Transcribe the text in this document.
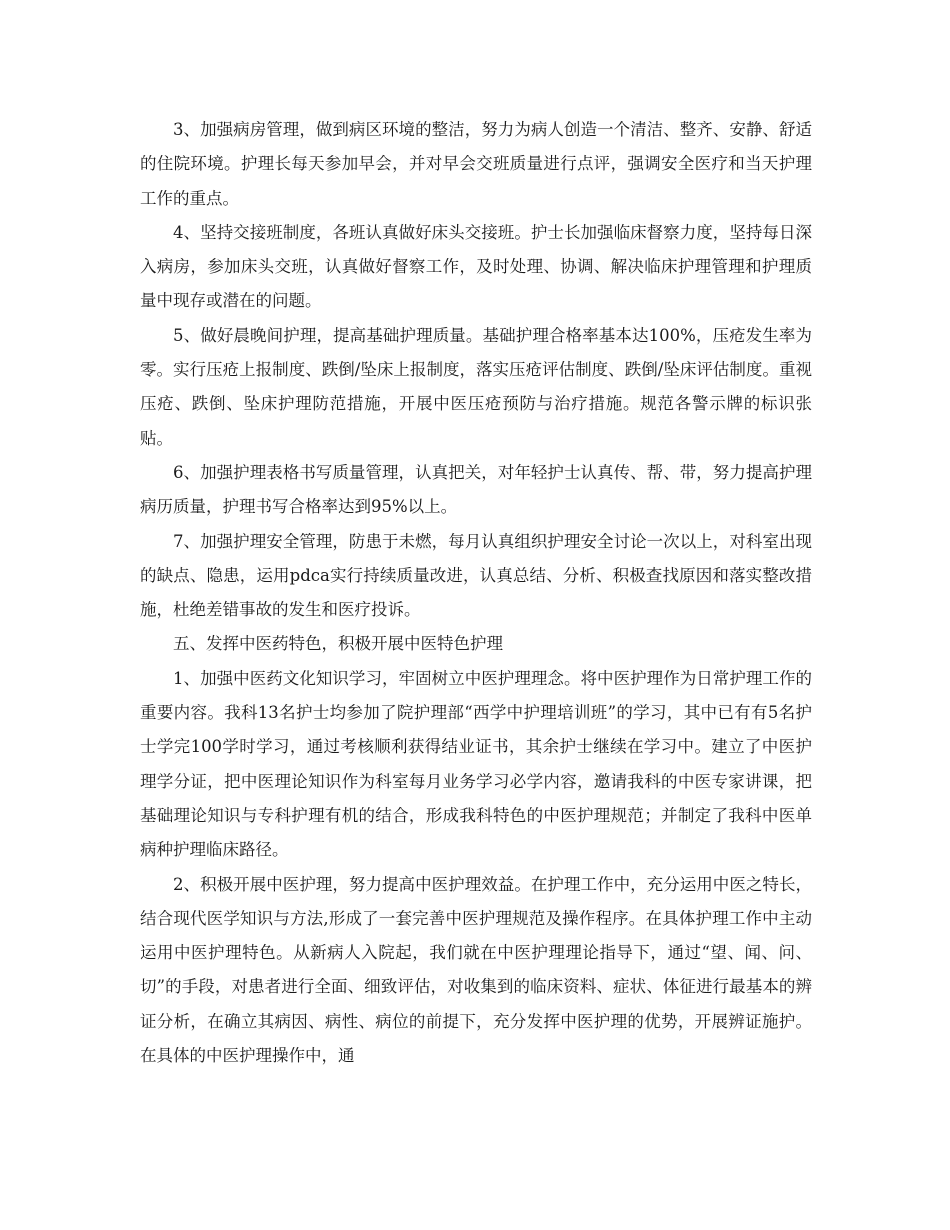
3、加强病房管理，做到病区环境的整洁，努力为病人创造一个清洁、整齐、安静、舒适的住院环境。护理长每天参加早会，并对早会交班质量进行点评，强调安全医疗和当天护理工作的重点。

4、坚持交接班制度，各班认真做好床头交接班。护士长加强临床督察力度，坚持每日深入病房，参加床头交班，认真做好督察工作，及时处理、协调、解决临床护理管理和护理质量中现存或潜在的问题。

5、做好晨晚间护理，提高基础护理质量。基础护理合格率基本达100%，压疮发生率为零。实行压疮上报制度、跌倒/坠床上报制度，落实压疮评估制度、跌倒/坠床评估制度。重视压疮、跌倒、坠床护理防范措施，开展中医压疮预防与治疗措施。规范各警示牌的标识张贴。

6、加强护理表格书写质量管理，认真把关，对年轻护士认真传、帮、带，努力提高护理病历质量，护理书写合格率达到95%以上。

7、加强护理安全管理，防患于未燃，每月认真组织护理安全讨论一次以上，对科室出现的缺点、隐患，运用pdca实行持续质量改进，认真总结、分析、积极查找原因和落实整改措施，杜绝差错事故的发生和医疗投诉。

五、发挥中医药特色，积极开展中医特色护理

1、加强中医药文化知识学习，牢固树立中医护理理念。将中医护理作为日常护理工作的重要内容。我科13名护士均参加了院护理部“西学中护理培训班”的学习，其中已有有5名护士学完100学时学习，通过考核顺利获得结业证书，其余护士继续在学习中。建立了中医护理学分证，把中医理论知识作为科室每月业务学习必学内容，邀请我科的中医专家讲课，把基础理论知识与专科护理有机的结合，形成我科特色的中医护理规范；并制定了我科中医单病种护理临床路径。

2、积极开展中医护理，努力提高中医护理效益。在护理工作中，充分运用中医之特长，结合现代医学知识与方法,形成了一套完善中医护理规范及操作程序。在具体护理工作中主动运用中医护理特色。从新病人入院起，我们就在中医护理理论指导下，通过“望、闻、问、切”的手段，对患者进行全面、细致评估，对收集到的临床资料、症状、体征进行最基本的辨证分析，在确立其病因、病性、病位的前提下，充分发挥中医护理的优势，开展辨证施护。在具体的中医护理操作中，通
